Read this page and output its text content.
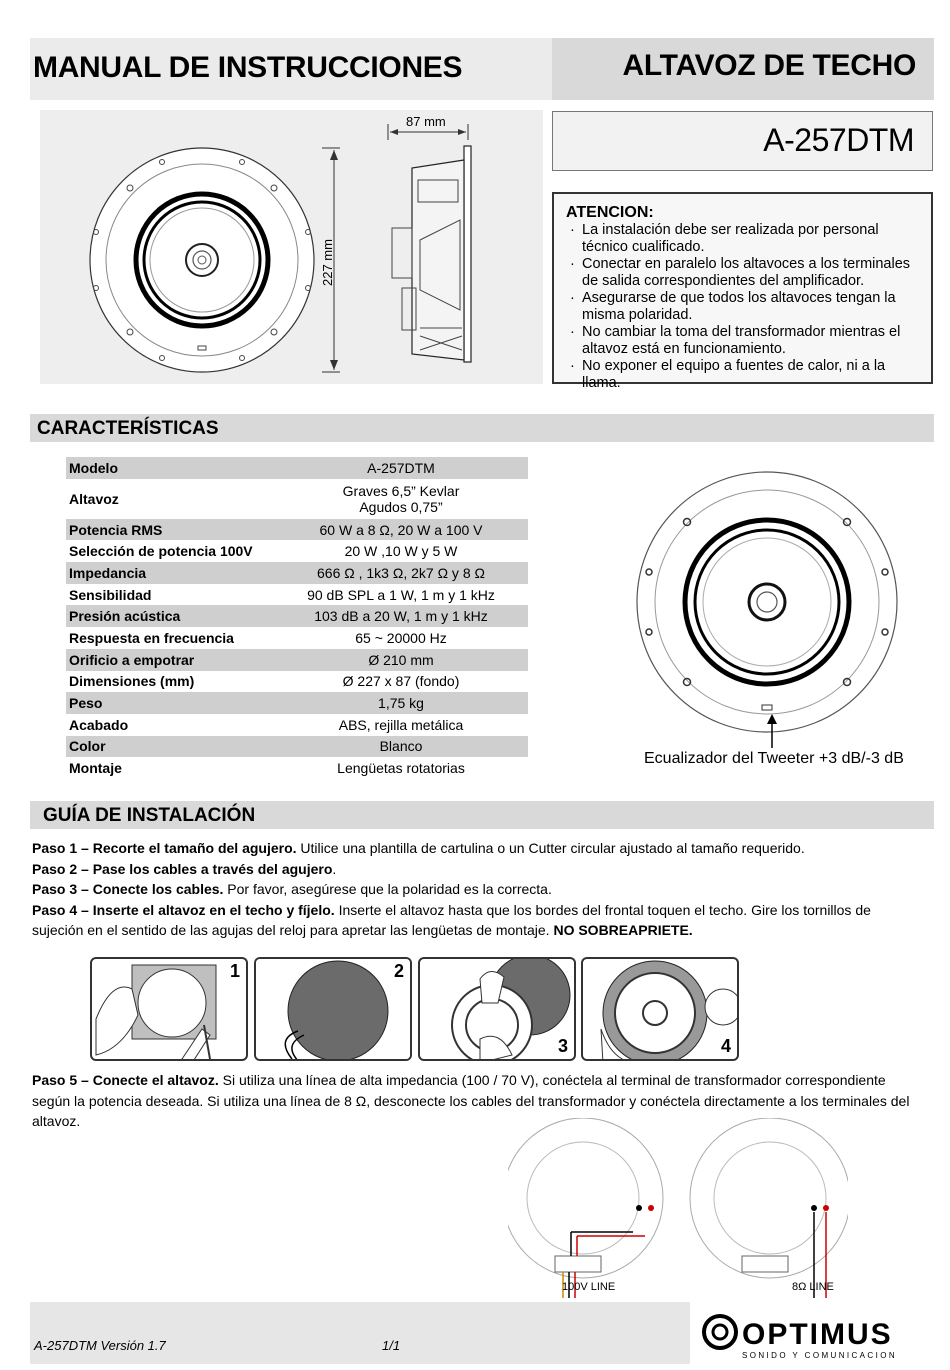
MANUAL DE INSTRUCCIONES	ALTAVOZ DE TECHO
227 mm
87 mm
A-257DTM
ATENCION:
· La instalación debe ser realizada por personal técnico cualificado.
· Conectar en paralelo los altavoces a los terminales de salida correspondientes del amplificador.
· Asegurarse de que todos los altavoces tengan la misma polaridad.
· No cambiar la toma del transformador mientras el altavoz está en funcionamiento.
· No exponer el equipo a fuentes de calor, ni a la llama.
CARACTERÍSTICAS
Modelo	A-257DTM
Altavoz	Graves 6,5” Kevlar
Agudos 0,75”

Potencia RMS	60 W a 8 Ω, 20 W a 100 V
Selección de potencia 100V	20 W ,10 W y 5 W
Impedancia	666 Ω , 1k3 Ω, 2k7 Ω y 8 Ω
Sensibilidad	90 dB SPL a 1 W, 1 m y 1 kHz
Presión acústica	103 dB a 20 W, 1 m y 1 kHz
Respuesta en frecuencia	65 ~ 20000 Hz
Orificio a empotrar	Ø 210 mm
Dimensiones (mm)	Ø 227 x 87 (fondo)
Peso	1,75 kg
Acabado	ABS, rejilla metálica
Color	Blanco
Montaje	Lengüetas rotatorias
Ecualizador del Tweeter +3 dB/-3 dB
GUÍA DE INSTALACIÓN
Paso 1 – Recorte el tamaño del agujero. Utilice una plantilla de cartulina o un Cutter circular ajustado al tamaño requerido.
Paso 2 – Pase los cables a través del agujero.
Paso 3 – Conecte los cables. Por favor, asegúrese que la polaridad es la correcta.
Paso 4 – Inserte el altavoz en el techo y fíjelo. Inserte el altavoz hasta que los bordes del frontal toquen el techo. Gire los tornillos de sujeción en el sentido de las agujas del reloj para apretar las lengüetas de montaje. NO SOBREAPRIETE.
1	2
3	4
Paso 5 – Conecte el altavoz. Si utiliza una línea de alta impedancia (100 / 70 V), conéctela al terminal de transformador correspondiente según la potencia deseada. Si utiliza una línea de 8 Ω, desconecte los cables del transformador y conéctela directamente a los terminales del altavoz.
100V LINE	8Ω LINE
A-257DTM Versión 1.7	1/1	OPTIMUS
SONIDO Y COMUNICACION
